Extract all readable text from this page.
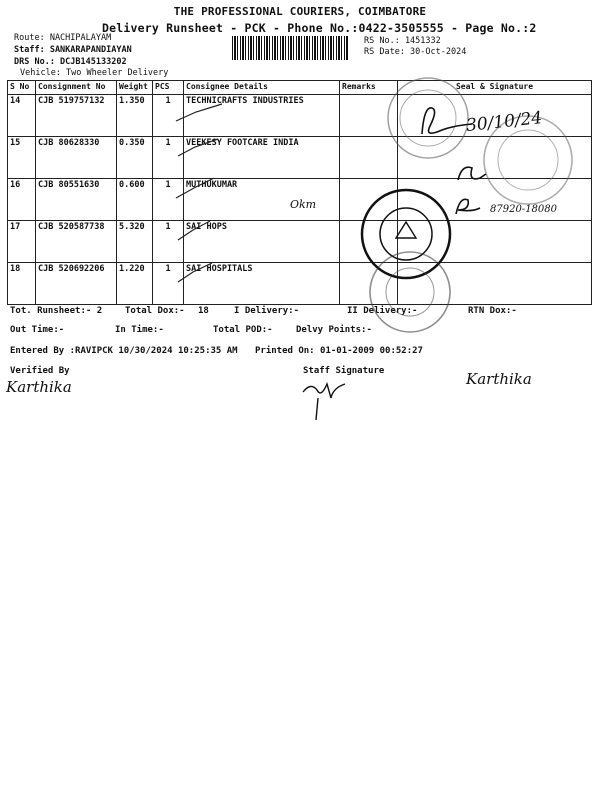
THE PROFESSIONAL COURIERS, COIMBATORE
Delivery Runsheet - PCK - Phone No.:0422-3505555 - Page No.:2
Route: NACHIPALAYAM
Staff: SANKARAPANDIAYAN
DRS No.: DCJB145133202
Vehicle: Two Wheeler Delivery
RS No.: 1451332
RS Date: 30-Oct-2024
S No	Consignment No	Weight	PCS	Consignee Details	Remarks	Seal & Signature
14	CJB 519757132	1.350	1	TECHNICRAFTS INDUSTRIES		
15	CJB 80628330	0.350	1	VEEKESY FOOTCARE INDIA		
16	CJB 80551630	0.600	1	MUTHUKUMAR		
17	CJB 520587738	5.320	1	SAI HOPS		
18	CJB 520692206	1.220	1	SAI HOSPITALS		
Tot. Runsheet:- 2	Total Dox:- 18	I Delivery:-	II Delivery:-	RTN Dox:-
Out Time:-	In Time:-	Total POD:-	Delvy Points:-
Entered By :RAVIPCK 10/30/2024 10:25:35 AM Printed On: 01-01-2009 00:52:27
Verified By	Staff Signature
30/10/24
Okm	87920-18080
Karthika	Karthika
